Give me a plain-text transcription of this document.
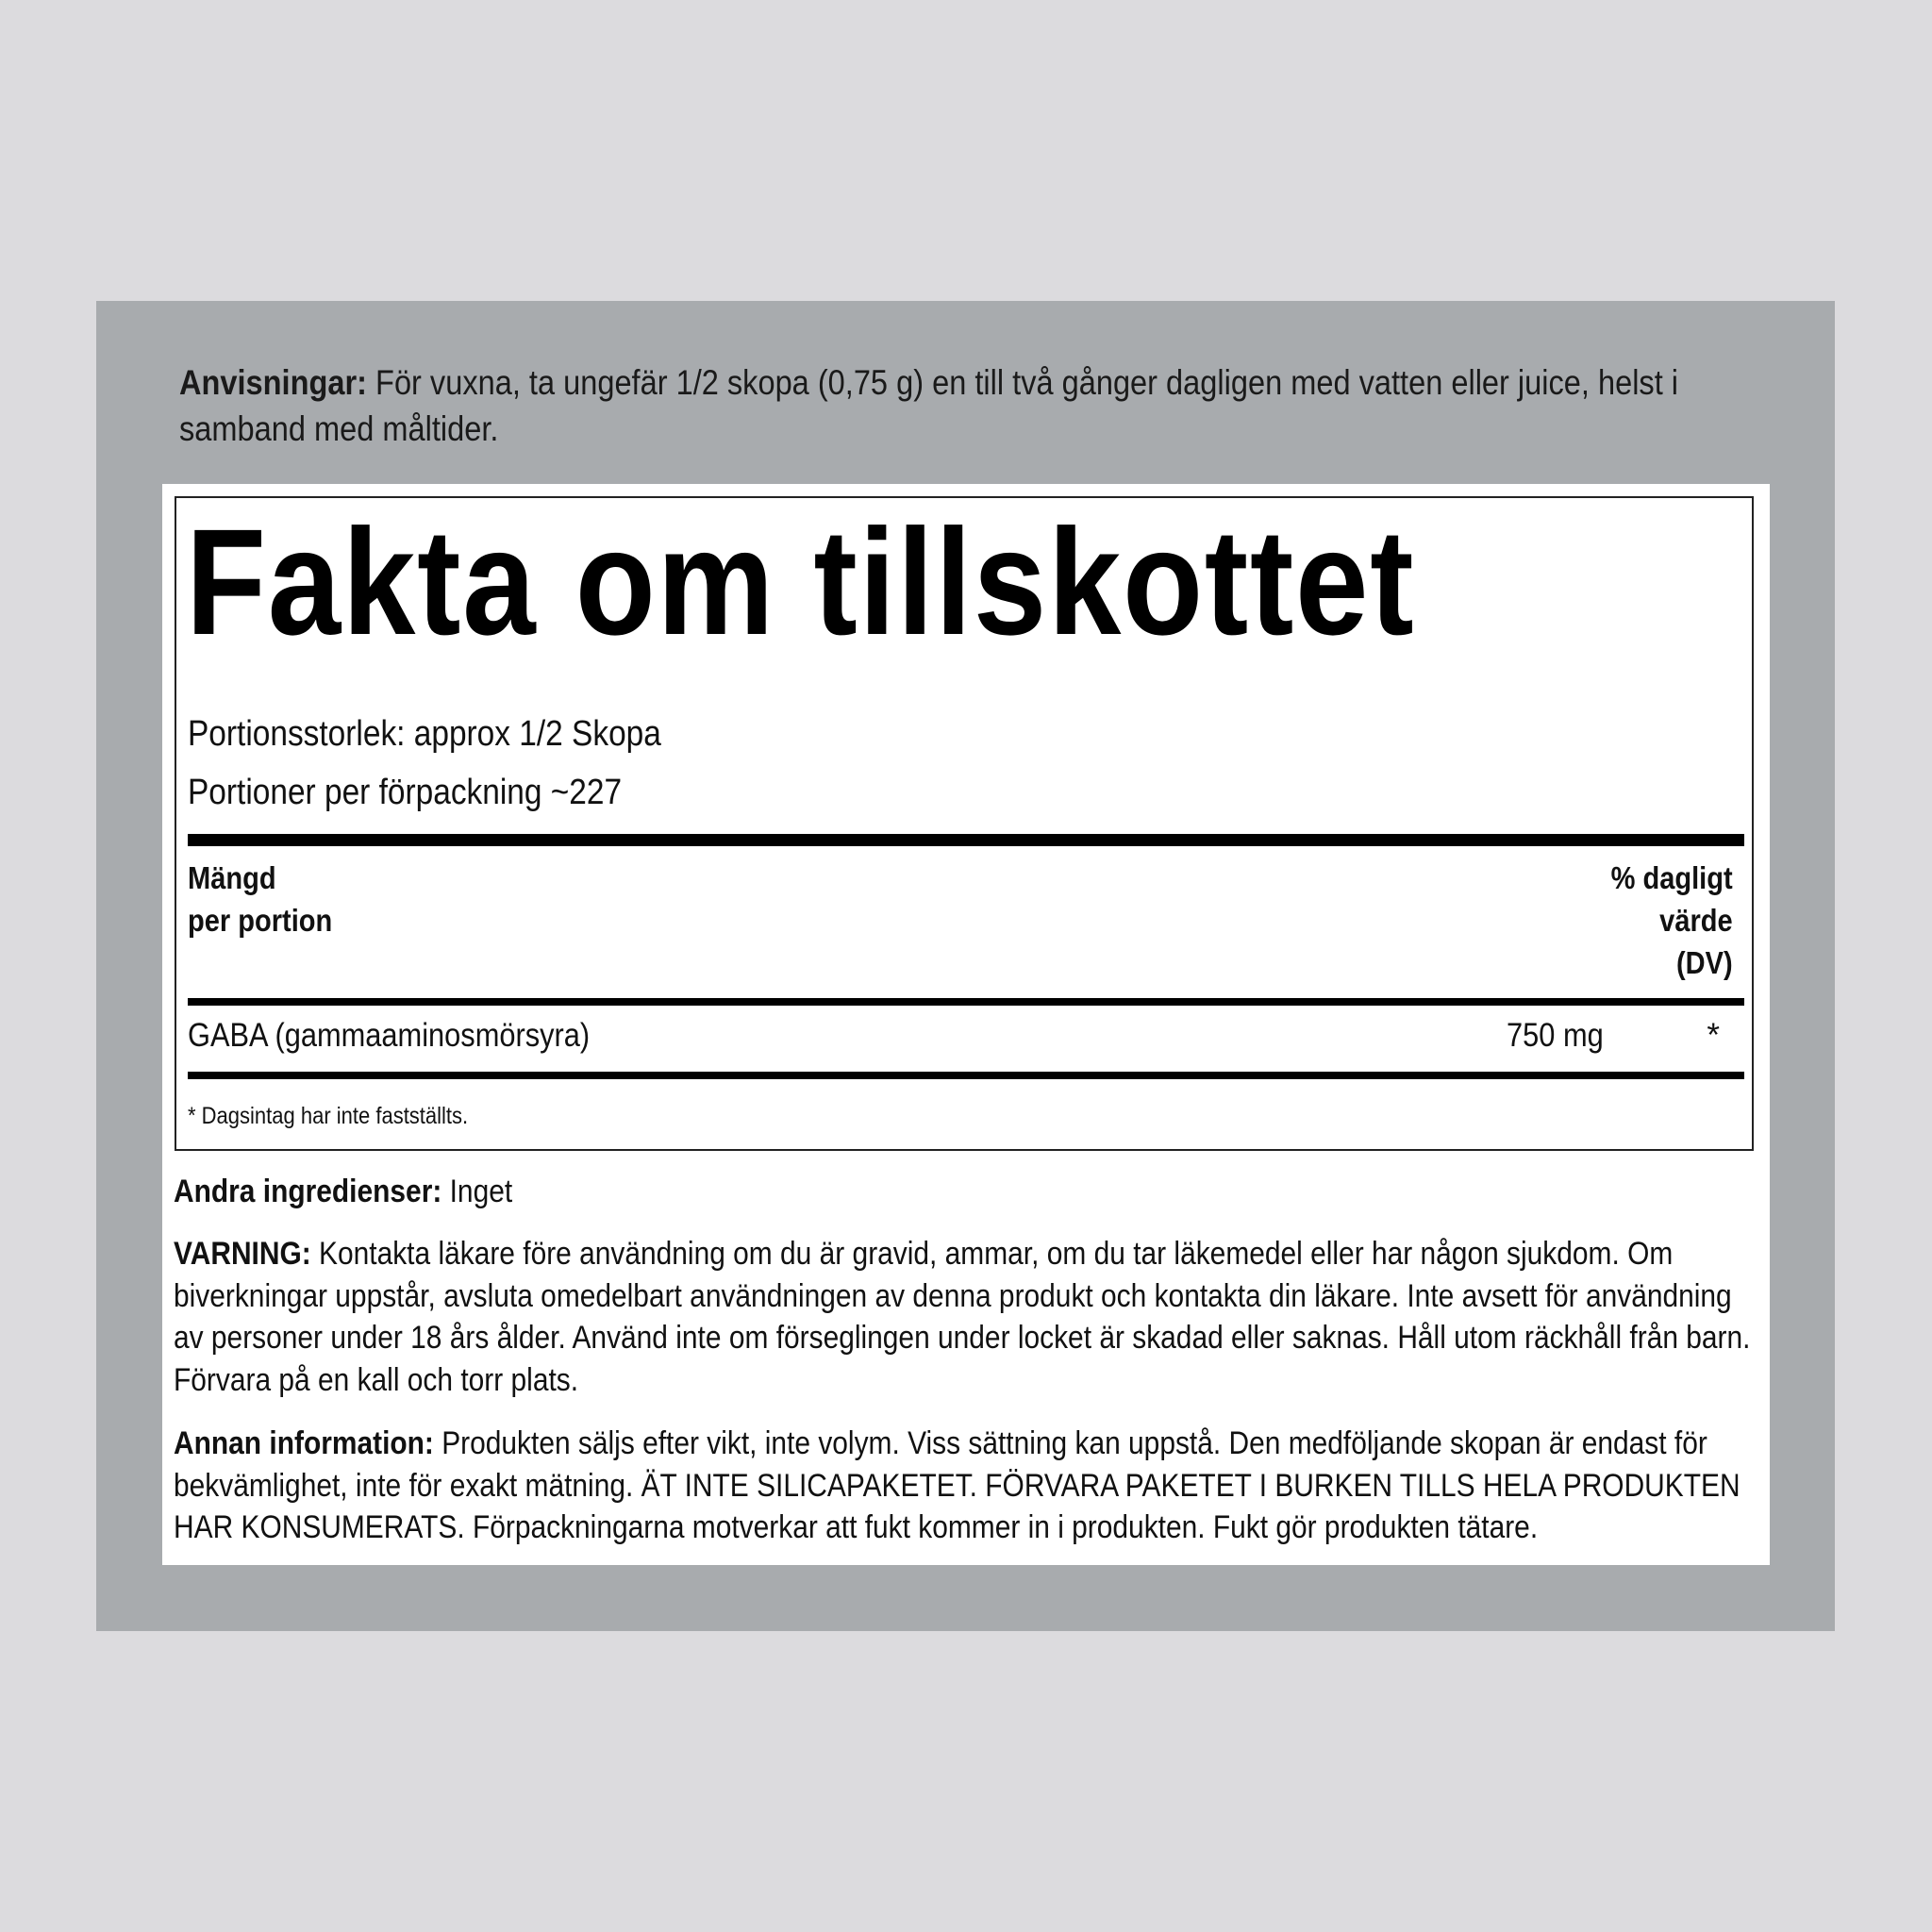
Anvisningar: För vuxna, ta ungefär 1/2 skopa (0,75 g) en till två gånger dagligen med vatten eller juice, helst i samband med måltider.
Fakta om tillskottet
Portionsstorlek: approx 1/2 Skopa
Portioner per förpackning ~227
Mängd
per portion
% dagligt
värde
(DV)
GABA (gammaaminosmörsyra)	750 mg	*
* Dagsintag har inte fastställts.
Andra ingredienser: Inget
VARNING: Kontakta läkare före användning om du är gravid, ammar, om du tar läkemedel eller har någon sjukdom. Om biverkningar uppstår, avsluta omedelbart användningen av denna produkt och kontakta din läkare. Inte avsett för användning av personer under 18 års ålder. Använd inte om förseglingen under locket är skadad eller saknas. Håll utom räckhåll från barn. Förvara på en kall och torr plats.
Annan information: Produkten säljs efter vikt, inte volym. Viss sättning kan uppstå. Den medföljande skopan är endast för bekvämlighet, inte för exakt mätning. ÄT INTE SILICAPAKETET. FÖRVARA PAKETET I BURKEN TILLS HELA PRODUKTEN HAR KONSUMERATS. Förpackningarna motverkar att fukt kommer in i produkten. Fukt gör produkten tätare.
